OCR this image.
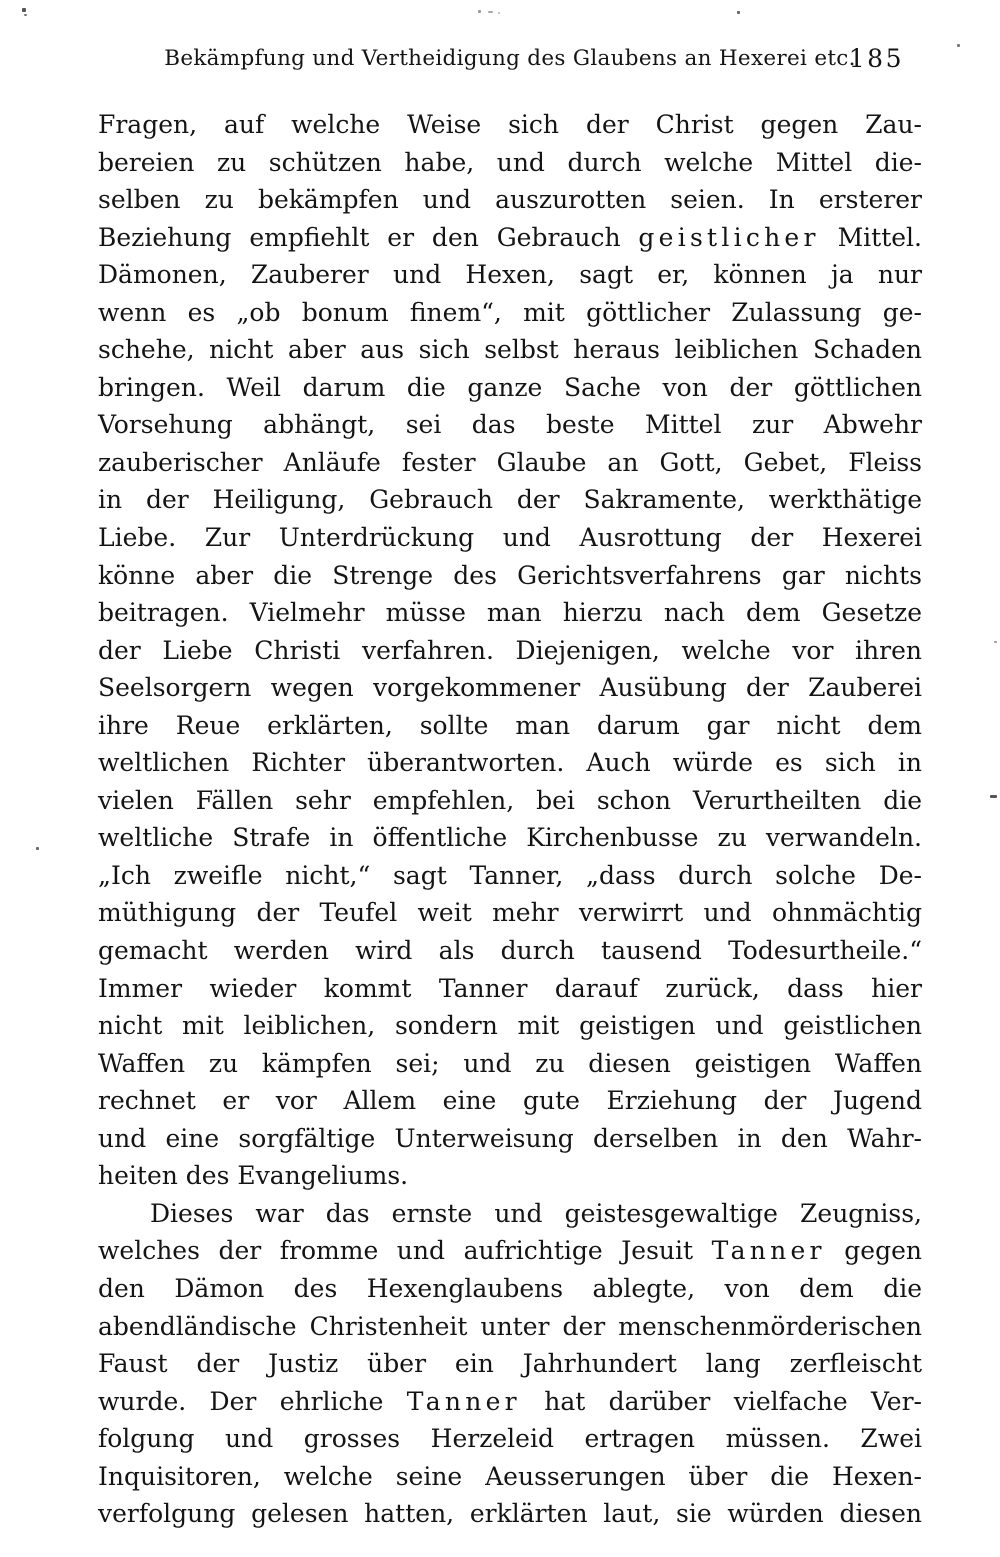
Bekämpfung und Vertheidigung des Glaubens an Hexerei etc.
185
Fragen, auf welche Weise sich der Christ gegen Zau-
bereien zu schützen habe, und durch welche Mittel die-
selben zu bekämpfen und auszurotten seien. In ersterer
Beziehung empfiehlt er den Gebrauch geistlicher Mittel.
Dämonen, Zauberer und Hexen, sagt er, können ja nur
wenn es „ob bonum finem“, mit göttlicher Zulassung ge-
schehe, nicht aber aus sich selbst heraus leiblichen Schaden
bringen. Weil darum die ganze Sache von der göttlichen
Vorsehung abhängt, sei das beste Mittel zur Abwehr
zauberischer Anläufe fester Glaube an Gott, Gebet, Fleiss
in der Heiligung, Gebrauch der Sakramente, werkthätige
Liebe. Zur Unterdrückung und Ausrottung der Hexerei
könne aber die Strenge des Gerichtsverfahrens gar nichts
beitragen. Vielmehr müsse man hierzu nach dem Gesetze
der Liebe Christi verfahren. Diejenigen, welche vor ihren
Seelsorgern wegen vorgekommener Ausübung der Zauberei
ihre Reue erklärten, sollte man darum gar nicht dem
weltlichen Richter überantworten. Auch würde es sich in
vielen Fällen sehr empfehlen, bei schon Verurtheilten die
weltliche Strafe in öffentliche Kirchenbusse zu verwandeln.
„Ich zweifle nicht,“ sagt Tanner, „dass durch solche De-
müthigung der Teufel weit mehr verwirrt und ohnmächtig
gemacht werden wird als durch tausend Todesurtheile.“
Immer wieder kommt Tanner darauf zurück, dass hier
nicht mit leiblichen, sondern mit geistigen und geistlichen
Waffen zu kämpfen sei; und zu diesen geistigen Waffen
rechnet er vor Allem eine gute Erziehung der Jugend
und eine sorgfältige Unterweisung derselben in den Wahr-
heiten des Evangeliums.
Dieses war das ernste und geistesgewaltige Zeugniss,
welches der fromme und aufrichtige Jesuit Tanner gegen
den Dämon des Hexenglaubens ablegte, von dem die
abendländische Christenheit unter der menschenmörderischen
Faust der Justiz über ein Jahrhundert lang zerfleischt
wurde. Der ehrliche Tanner hat darüber vielfache Ver-
folgung und grosses Herzeleid ertragen müssen. Zwei
Inquisitoren, welche seine Aeusserungen über die Hexen-
verfolgung gelesen hatten, erklärten laut, sie würden diesen
